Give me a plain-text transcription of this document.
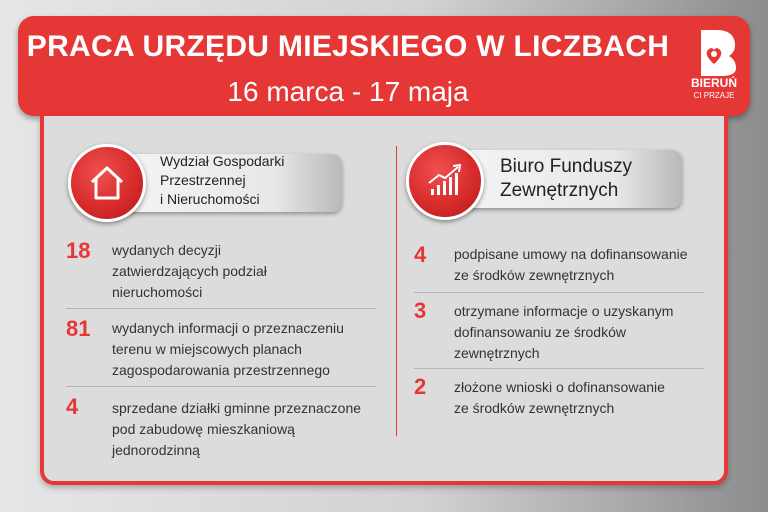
PRACA URZĘDU MIEJSKIEGO W LICZBACH
16 marca - 17 maja	BIERUŃ
CI PRZAJE
Wydział Gospodarki
Przestrzennej
i Nieruchomości
18 wydanych decyzji
zatwierdzających podział
nieruchomości
81 wydanych informacji o przeznaczeniu
terenu w miejscowych planach
zagospodarowania przestrzennego
4 sprzedane działki gminne przeznaczone
pod zabudowę mieszkaniową
jednorodzinną
Biuro Funduszy
Zewnętrznych
4 podpisane umowy na dofinansowanie
ze środków zewnętrznych
3 otrzymane informacje o uzyskanym
dofinansowaniu ze środków
zewnętrznych
2 złożone wnioski o dofinansowanie
ze środków zewnętrznych
